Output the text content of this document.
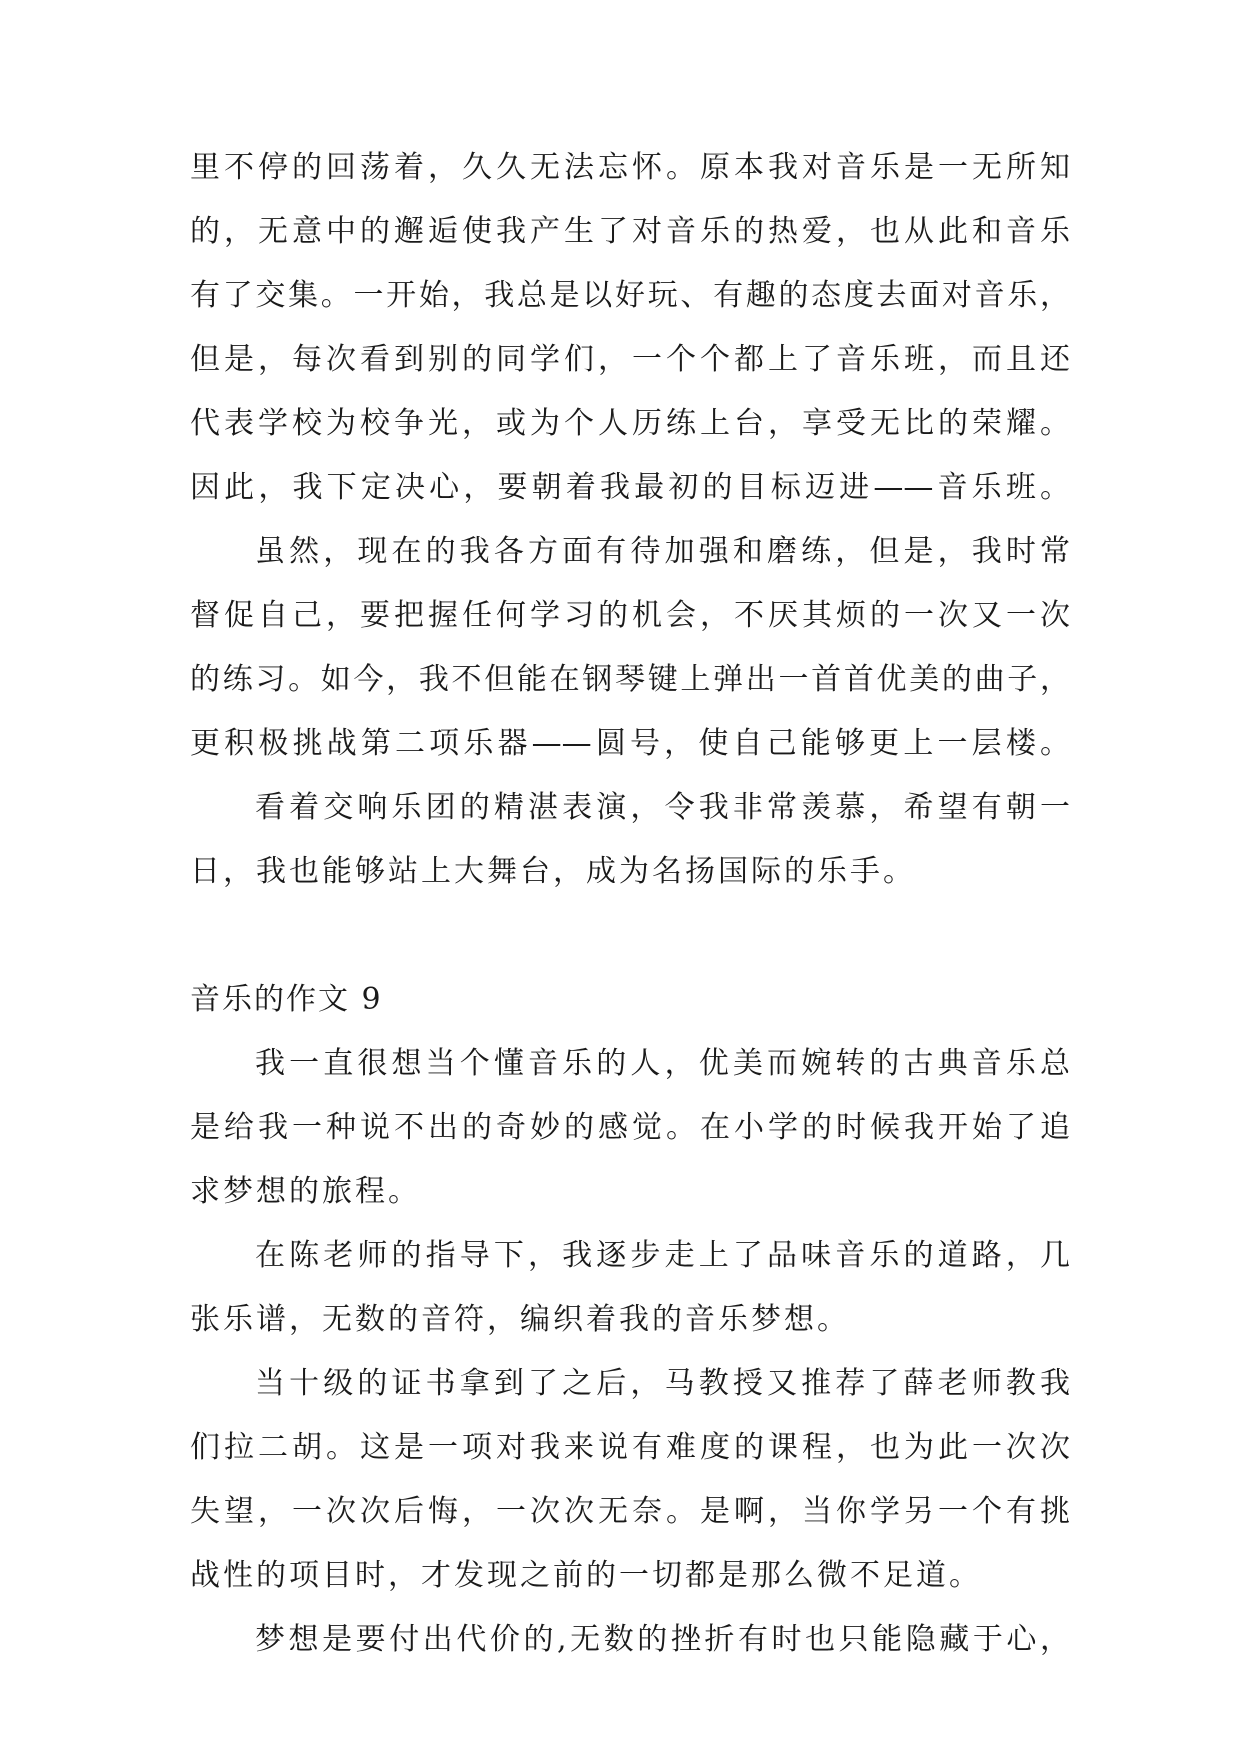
里不停的回荡着，久久无法忘怀。原本我对音乐是一无所知
的，无意中的邂逅使我产生了对音乐的热爱，也从此和音乐
有了交集。一开始，我总是以好玩、有趣的态度去面对音乐，
但是，每次看到别的同学们，一个个都上了音乐班，而且还
代表学校为校争光，或为个人历练上台，享受无比的荣耀。
因此，我下定决心，要朝着我最初的目标迈进——音乐班。
虽然，现在的我各方面有待加强和磨练，但是，我时常
督促自己，要把握任何学习的机会，不厌其烦的一次又一次
的练习。如今，我不但能在钢琴键上弹出一首首优美的曲子，
更积极挑战第二项乐器——圆号，使自己能够更上一层楼。
看着交响乐团的精湛表演，令我非常羡慕，希望有朝一
日，我也能够站上大舞台，成为名扬国际的乐手。
音乐的作文 9
我一直很想当个懂音乐的人，优美而婉转的古典音乐总
是给我一种说不出的奇妙的感觉。在小学的时候我开始了追
求梦想的旅程。
在陈老师的指导下，我逐步走上了品味音乐的道路，几
张乐谱，无数的音符，编织着我的音乐梦想。
当十级的证书拿到了之后，马教授又推荐了薛老师教我
们拉二胡。这是一项对我来说有难度的课程，也为此一次次
失望，一次次后悔，一次次无奈。是啊，当你学另一个有挑
战性的项目时，才发现之前的一切都是那么微不足道。
梦想是要付出代价的,无数的挫折有时也只能隐藏于心，
